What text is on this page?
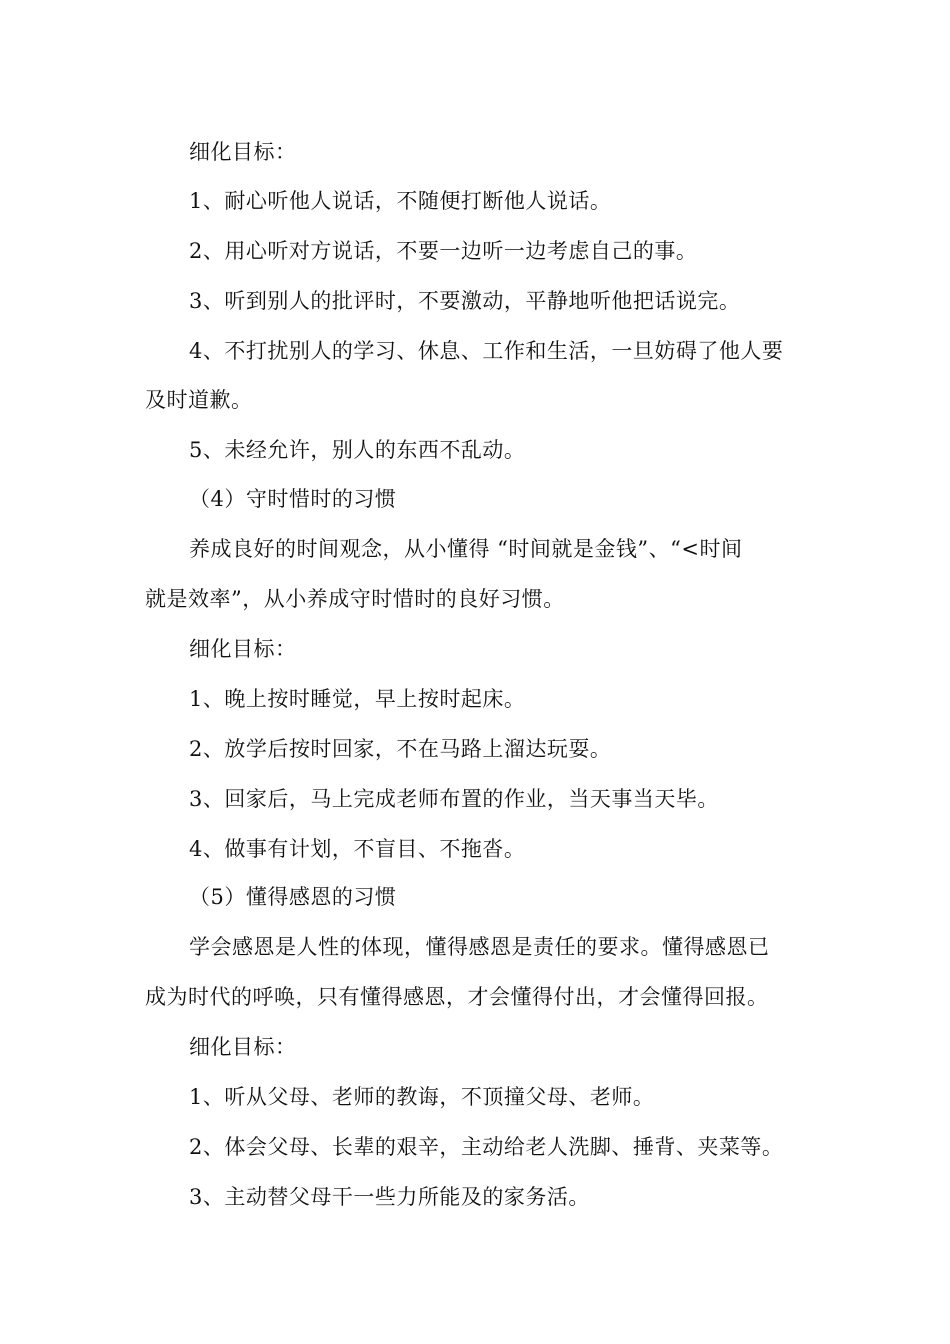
细化目标：
1、耐心听他人说话，不随便打断他人说话。
2、用心听对方说话，不要一边听一边考虑自己的事。
3、听到别人的批评时，不要激动，平静地听他把话说完。
4、不打扰别人的学习、休息、工作和生活，一旦妨碍了他人要
及时道歉。
5、未经允许，别人的东西不乱动。
（4）守时惜时的习惯
养成良好的时间观念，从小懂得 “时间就是金钱”、“<时间
就是效率”，从小养成守时惜时的良好习惯。
细化目标：
1、晚上按时睡觉，早上按时起床。
2、放学后按时回家，不在马路上溜达玩耍。
3、回家后，马上完成老师布置的作业，当天事当天毕。
4、做事有计划，不盲目、不拖沓。
（5）懂得感恩的习惯
学会感恩是人性的体现，懂得感恩是责任的要求。懂得感恩已
成为时代的呼唤，只有懂得感恩，才会懂得付出，才会懂得回报。
细化目标：
1、听从父母、老师的教诲，不顶撞父母、老师。
2、体会父母、长辈的艰辛，主动给老人洗脚、捶背、夹菜等。
3、主动替父母干一些力所能及的家务活。
